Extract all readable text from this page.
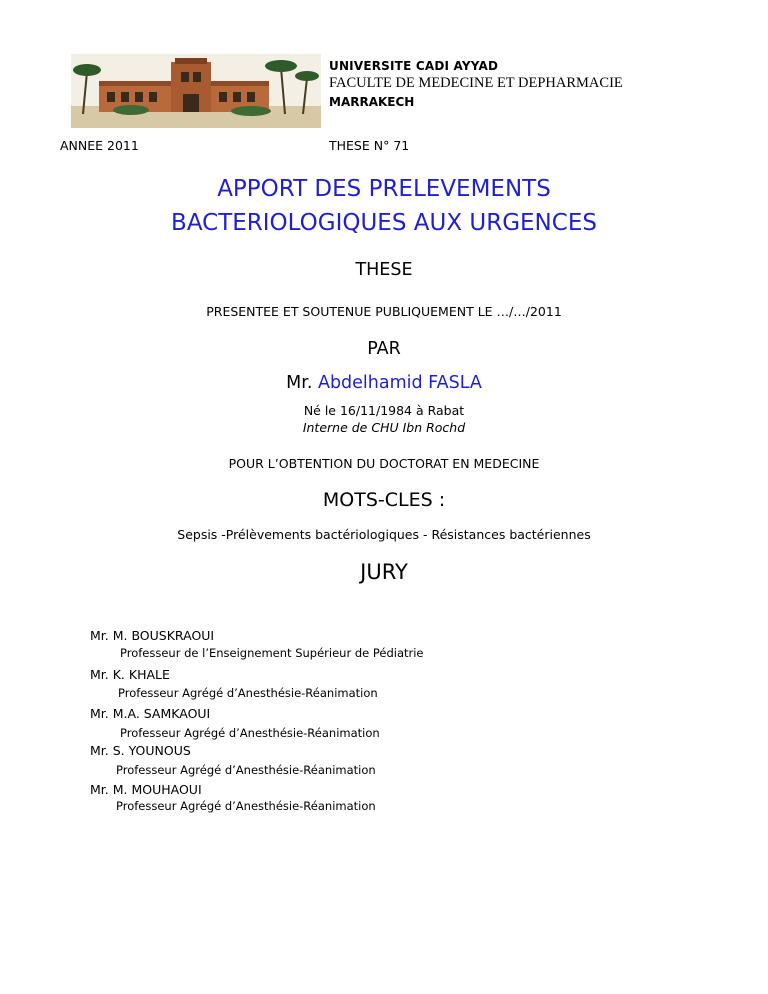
UNIVERSITE CADI AYYAD
FACULTE DE MEDECINE ET DEPHARMACIE
MARRAKECH
ANNEE 2011	THESE N° 71
APPORT DES PRELEVEMENTS
BACTERIOLOGIQUES AUX URGENCES
THESE
PRESENTEE ET SOUTENUE PUBLIQUEMENT LE …/…/2011
PAR
Mr. Abdelhamid FASLA
Né le 16/11/1984 à Rabat
Interne de CHU Ibn Rochd
POUR L’OBTENTION DU DOCTORAT EN MEDECINE
MOTS-CLES :
Sepsis -Prélèvements bactériologiques - Résistances bactériennes
JURY
Mr. M. BOUSKRAOUI
Professeur de l’Enseignement Supérieur de Pédiatrie
Mr. K. KHALE
Professeur Agrégé d’Anesthésie-Réanimation
Mr. M.A. SAMKAOUI
Professeur Agrégé d’Anesthésie-Réanimation
Mr. S. YOUNOUS
Professeur Agrégé d’Anesthésie-Réanimation
Mr. M. MOUHAOUI
Professeur Agrégé d’Anesthésie-Réanimation
